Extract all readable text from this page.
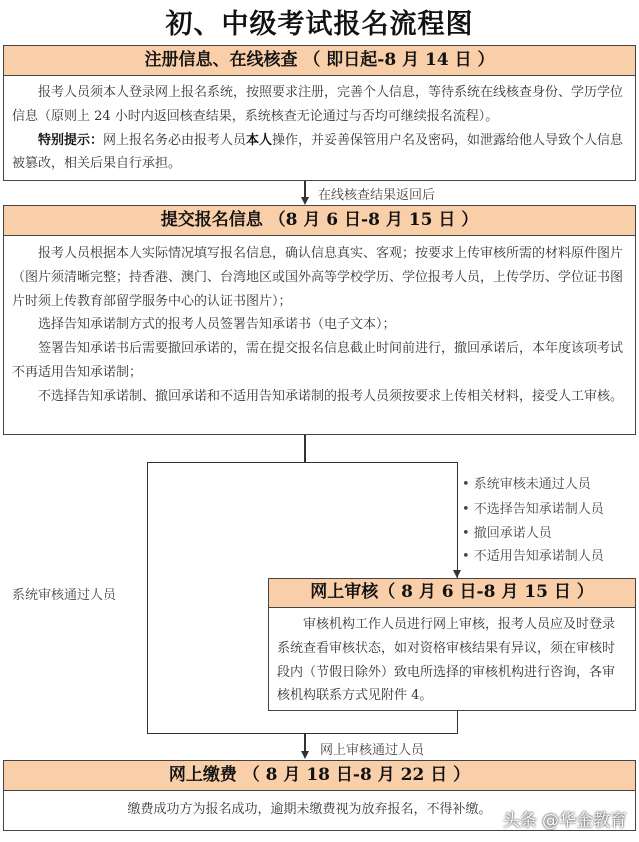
初、中级考试报名流程图
注册信息、在线核查 （ 即日起-8 月 14 日 ）

报考人员须本人登录网上报名系统，按照要求注册，完善个人信息，等待系统在线核查身份、学历学位信息（原则上 24 小时内返回核查结果，系统核查无论通过与否均可继续报名流程）。

特别提示：网上报名务必由报考人员本人操作，并妥善保管用户名及密码，如泄露给他人导致个人信息被篡改，相关后果自行承担。

在线核查结果返回后
提交报名信息 （8 月 6 日-8 月 15 日 ）

报考人员根据本人实际情况填写报名信息，确认信息真实、客观；按要求上传审核所需的材料原件图片（图片须清晰完整；持香港、澳门、台湾地区或国外高等学校学历、学位报考人员，上传学历、学位证书图片时须上传教育部留学服务中心的认证书图片）；

选择告知承诺制方式的报考人员签署告知承诺书（电子文本）；

签署告知承诺书后需要撤回承诺的，需在提交报名信息截止时间前进行，撤回承诺后，本年度该项考试不再适用告知承诺制；

不选择告知承诺制、撤回承诺和不适用告知承诺制的报考人员须按要求上传相关材料，接受人工审核。

• 系统审核未通过人员
• 不选择告知承诺制人员
• 撤回承诺人员
• 不适用告知承诺制人员
系统审核通过人员	网上审核（ 8 月 6 日-8 月 15 日 ）

审核机构工作人员进行网上审核，报考人员应及时登录系统查看审核状态，如对资格审核结果有异议，须在审核时段内（节假日除外）致电所选择的审核机构进行咨询，各审核机构联系方式见附件 4。

网上审核通过人员
网上缴费 （ 8 月 18 日-8 月 22 日 ）
缴费成功方为报名成功，逾期未缴费视为放弃报名，不得补缴。
头条 @华金教育
